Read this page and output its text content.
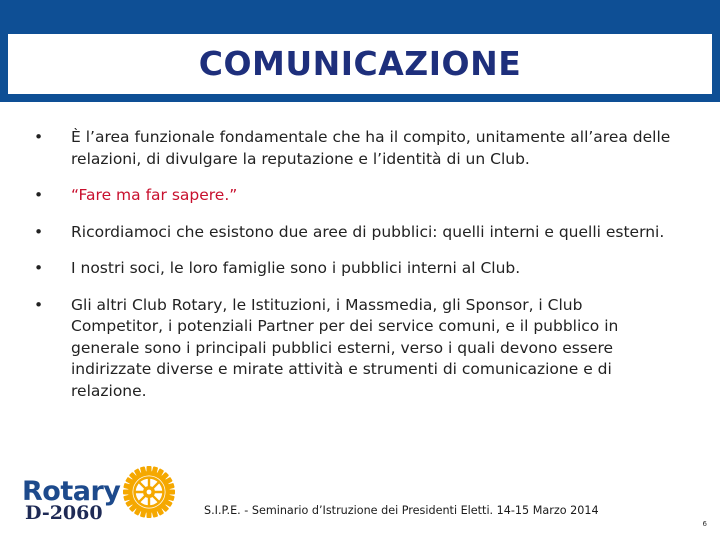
COMUNICAZIONE
•	È l’area funzionale fondamentale che ha il compito, unitamente all’area delle relazioni, di divulgare la reputazione e l’identità di un Club.
•	“Fare ma far sapere.”
•	Ricordiamoci che esistono due aree di pubblici: quelli interni e quelli esterni.
•	I nostri soci, le loro famiglie sono i pubblici interni al Club.
•	Gli altri Club Rotary, le Istituzioni, i Massmedia, gli Sponsor, i Club Competitor, i potenziali Partner per dei service comuni, e il pubblico in generale sono i principali pubblici esterni, verso i quali devono essere indirizzate diverse e mirate attività e strumenti di comunicazione e di relazione.
Rotary
D-2060	S.I.P.E. - Seminario d’Istruzione dei Presidenti Eletti. 14-15 Marzo 2014
6
